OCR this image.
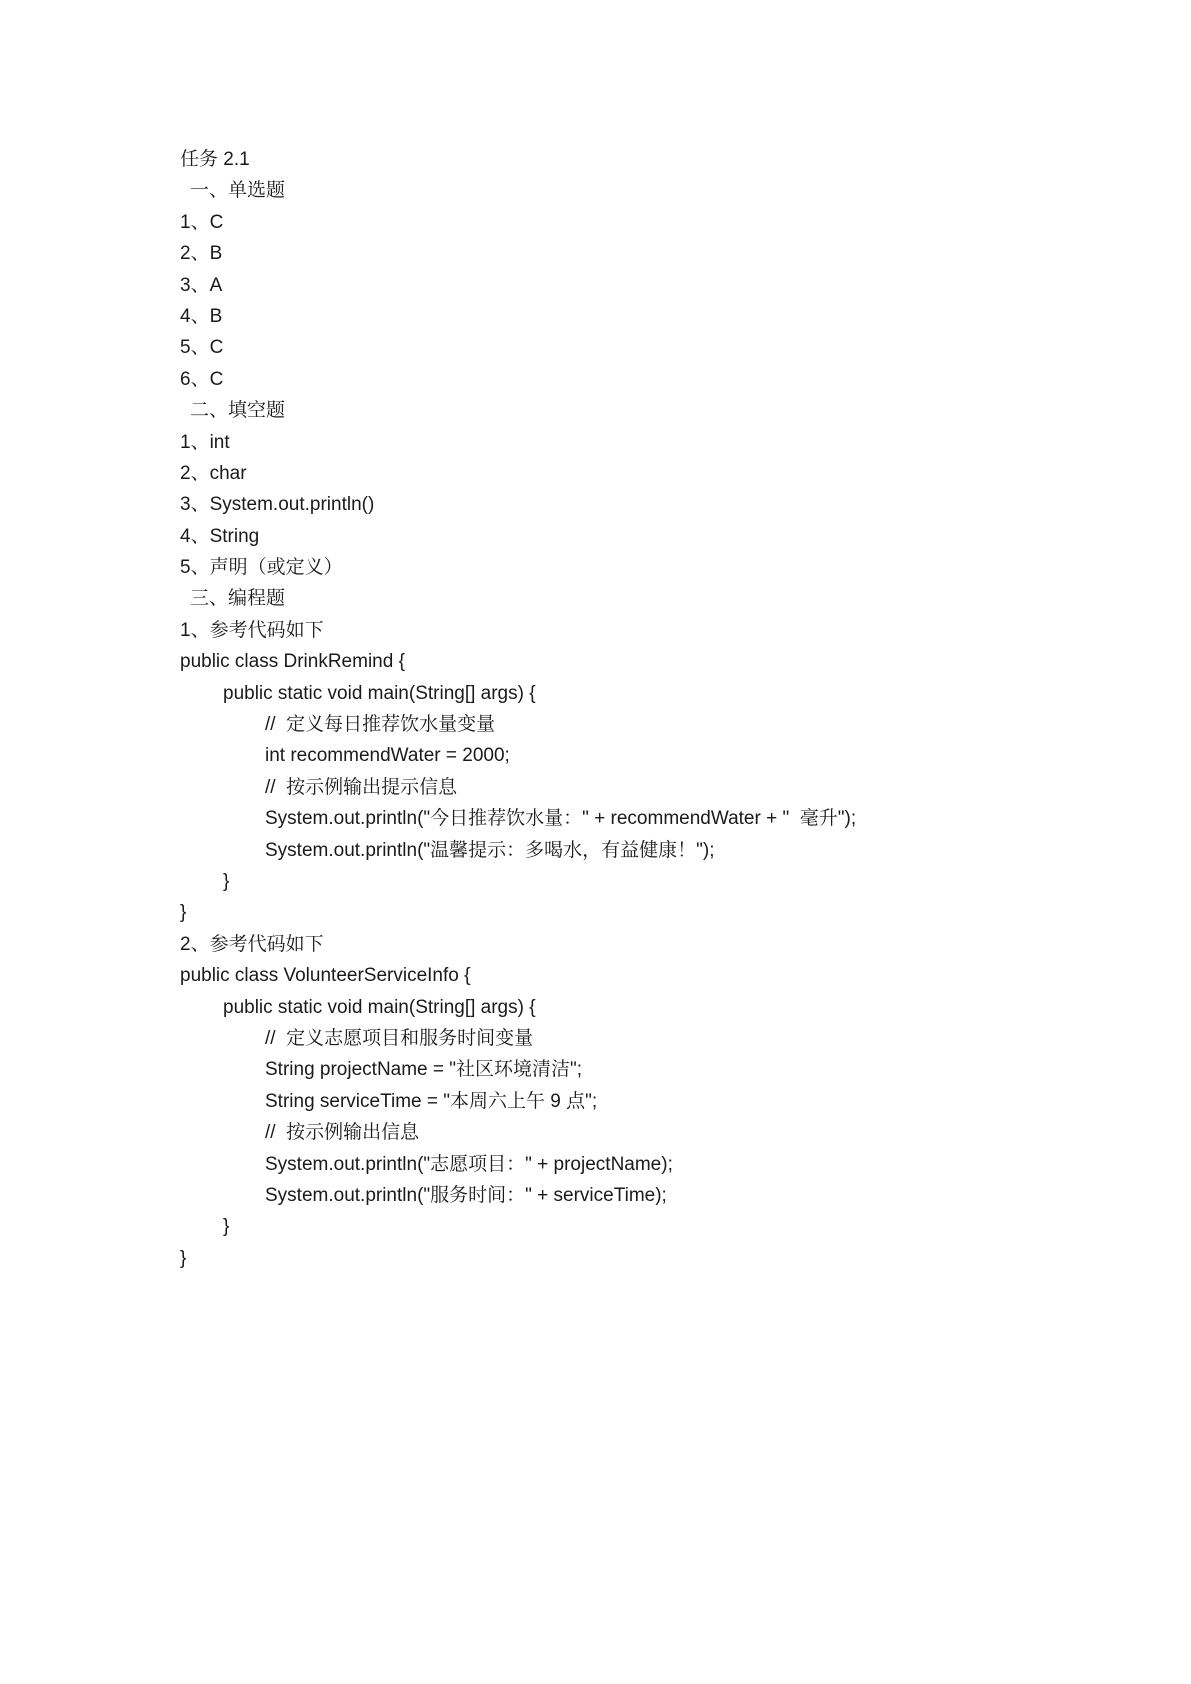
任务 2.1

一、单选题

1、C

2、B

3、A

4、B

5、C

6、C

二、填空题

1、int

2、char

3、System.out.println()

4、String

5、声明（或定义）

三、编程题

1、参考代码如下

public class DrinkRemind {

public static void main(String[] args) {

//  定义每日推荐饮水量变量

int recommendWater = 2000;

//  按示例输出提示信息

System.out.println("今日推荐饮水量：" + recommendWater + "  毫升");

System.out.println("温馨提示：多喝水，有益健康！");

}

}

2、参考代码如下

public class VolunteerServiceInfo {

public static void main(String[] args) {

//  定义志愿项目和服务时间变量

String projectName = "社区环境清洁";

String serviceTime = "本周六上午 9 点";

//  按示例输出信息

System.out.println("志愿项目：" + projectName);

System.out.println("服务时间：" + serviceTime);

}

}
